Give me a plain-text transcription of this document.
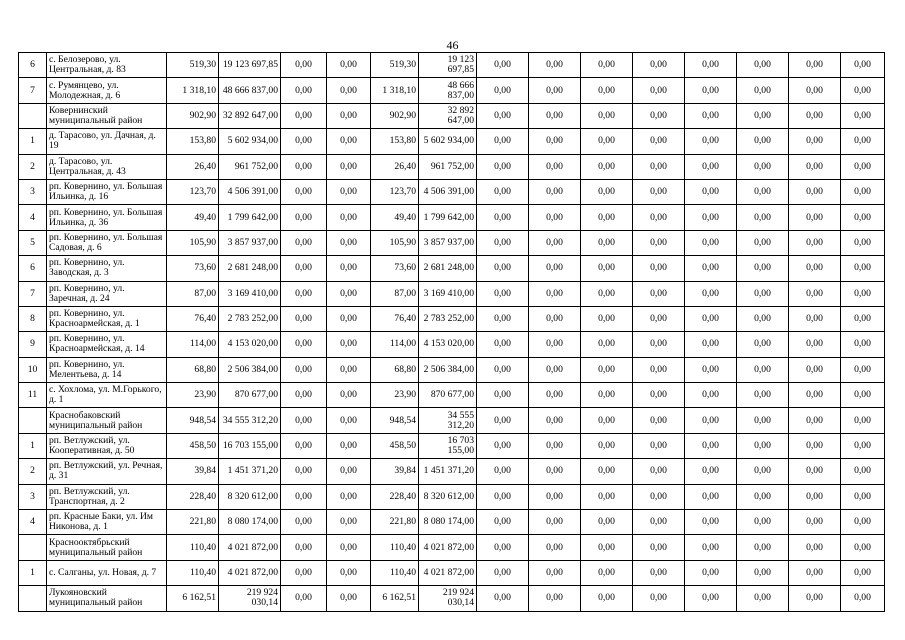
46
6	с. Белозерово, ул. Центральная, д. 83	519,30	19 123 697,85	0,00	0,00	519,30	19 123 697,85	0,00	0,00	0,00	0,00	0,00	0,00	0,00	0,00
7	с. Румянцево, ул. Молодежная, д. 6	1 318,10	48 666 837,00	0,00	0,00	1 318,10	48 666 837,00	0,00	0,00	0,00	0,00	0,00	0,00	0,00	0,00
	Ковернинский муниципальный район	902,90	32 892 647,00	0,00	0,00	902,90	32 892 647,00	0,00	0,00	0,00	0,00	0,00	0,00	0,00	0,00
1	д. Тарасово, ул. Дачная, д. 19	153,80	5 602 934,00	0,00	0,00	153,80	5 602 934,00	0,00	0,00	0,00	0,00	0,00	0,00	0,00	0,00
2	д. Тарасово, ул. Центральная, д. 43	26,40	961 752,00	0,00	0,00	26,40	961 752,00	0,00	0,00	0,00	0,00	0,00	0,00	0,00	0,00
3	рп. Ковернино, ул. Большая Ильинка, д. 16	123,70	4 506 391,00	0,00	0,00	123,70	4 506 391,00	0,00	0,00	0,00	0,00	0,00	0,00	0,00	0,00
4	рп. Ковернино, ул. Большая Ильинка, д. 36	49,40	1 799 642,00	0,00	0,00	49,40	1 799 642,00	0,00	0,00	0,00	0,00	0,00	0,00	0,00	0,00
5	рп. Ковернино, ул. Большая Садовая, д. 6	105,90	3 857 937,00	0,00	0,00	105,90	3 857 937,00	0,00	0,00	0,00	0,00	0,00	0,00	0,00	0,00
6	рп. Ковернино, ул. Заводская, д. 3	73,60	2 681 248,00	0,00	0,00	73,60	2 681 248,00	0,00	0,00	0,00	0,00	0,00	0,00	0,00	0,00
7	рп. Ковернино, ул. Заречная, д. 24	87,00	3 169 410,00	0,00	0,00	87,00	3 169 410,00	0,00	0,00	0,00	0,00	0,00	0,00	0,00	0,00
8	рп. Ковернино, ул. Красноармейская, д. 1	76,40	2 783 252,00	0,00	0,00	76,40	2 783 252,00	0,00	0,00	0,00	0,00	0,00	0,00	0,00	0,00
9	рп. Ковернино, ул. Красноармейская, д. 14	114,00	4 153 020,00	0,00	0,00	114,00	4 153 020,00	0,00	0,00	0,00	0,00	0,00	0,00	0,00	0,00
10	рп. Ковернино, ул. Мелентьева, д. 14	68,80	2 506 384,00	0,00	0,00	68,80	2 506 384,00	0,00	0,00	0,00	0,00	0,00	0,00	0,00	0,00
11	с. Хохлома, ул. М.Горького, д. 1	23,90	870 677,00	0,00	0,00	23,90	870 677,00	0,00	0,00	0,00	0,00	0,00	0,00	0,00	0,00
	Краснобаковский муниципальный район	948,54	34 555 312,20	0,00	0,00	948,54	34 555 312,20	0,00	0,00	0,00	0,00	0,00	0,00	0,00	0,00
1	рп. Ветлужский, ул. Кооперативная, д. 50	458,50	16 703 155,00	0,00	0,00	458,50	16 703 155,00	0,00	0,00	0,00	0,00	0,00	0,00	0,00	0,00
2	рп. Ветлужский, ул. Речная, д. 31	39,84	1 451 371,20	0,00	0,00	39,84	1 451 371,20	0,00	0,00	0,00	0,00	0,00	0,00	0,00	0,00
3	рп. Ветлужский, ул. Транспортная, д. 2	228,40	8 320 612,00	0,00	0,00	228,40	8 320 612,00	0,00	0,00	0,00	0,00	0,00	0,00	0,00	0,00
4	рп. Красные Баки, ул. Им Никонова, д. 1	221,80	8 080 174,00	0,00	0,00	221,80	8 080 174,00	0,00	0,00	0,00	0,00	0,00	0,00	0,00	0,00
	Краснооктябрьский муниципальный район	110,40	4 021 872,00	0,00	0,00	110,40	4 021 872,00	0,00	0,00	0,00	0,00	0,00	0,00	0,00	0,00
1	с. Салганы, ул. Новая, д. 7	110,40	4 021 872,00	0,00	0,00	110,40	4 021 872,00	0,00	0,00	0,00	0,00	0,00	0,00	0,00	0,00
	Лукояновский муниципальный район	6 162,51	219 924 030,14	0,00	0,00	6 162,51	219 924 030,14	0,00	0,00	0,00	0,00	0,00	0,00	0,00	0,00
